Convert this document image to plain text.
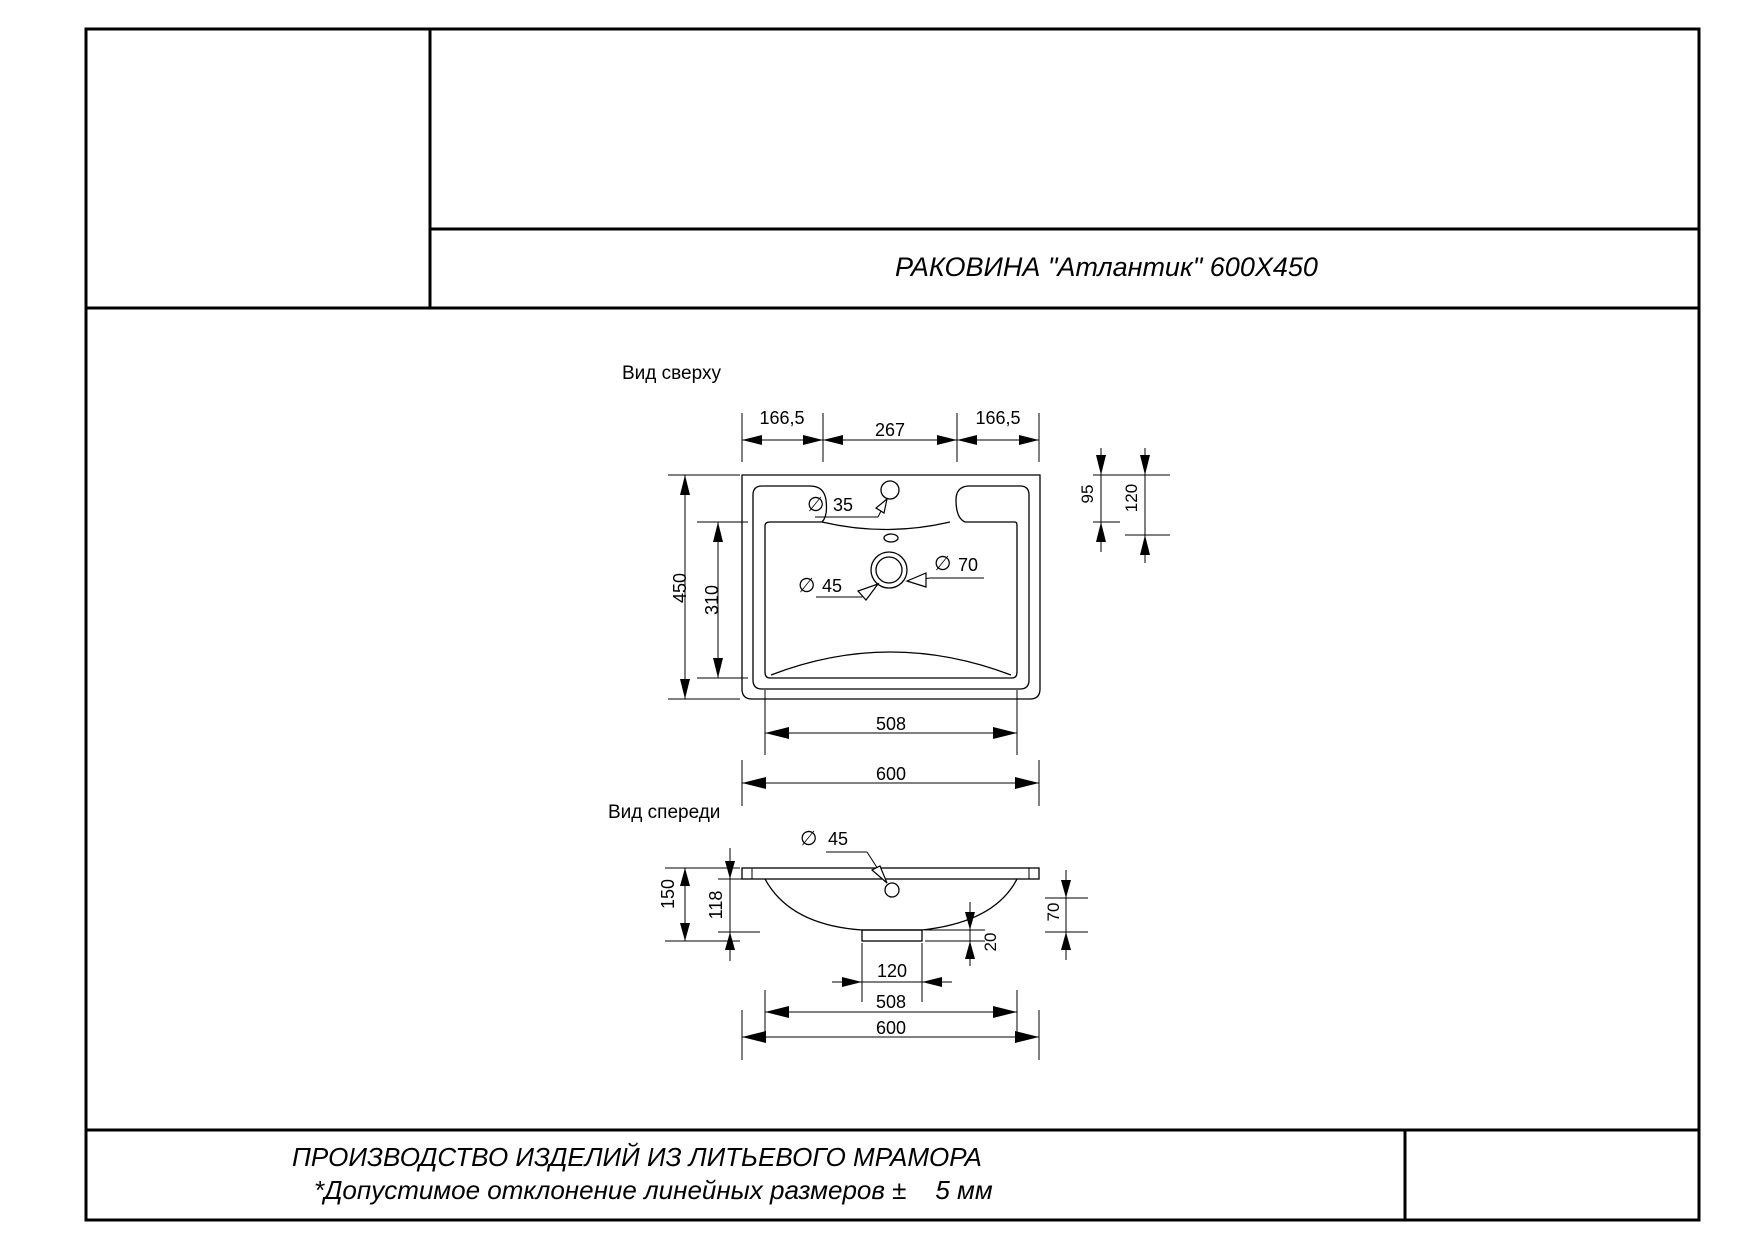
РАКОВИНА "Атлантик" 600Х450
ПРОИЗВОДСТВО ИЗДЕЛИЙ ИЗ ЛИТЬЕВОГО МРАМОРА
*Допустимое отклонение линейных размеров ±    5 мм
Вид сверху
166,5
267
166,5
450 310
508
600
∅ 35
∅ 45
∅ 70
95 120
Вид спереди
∅ 45
150 118	70
20
120
508
600
